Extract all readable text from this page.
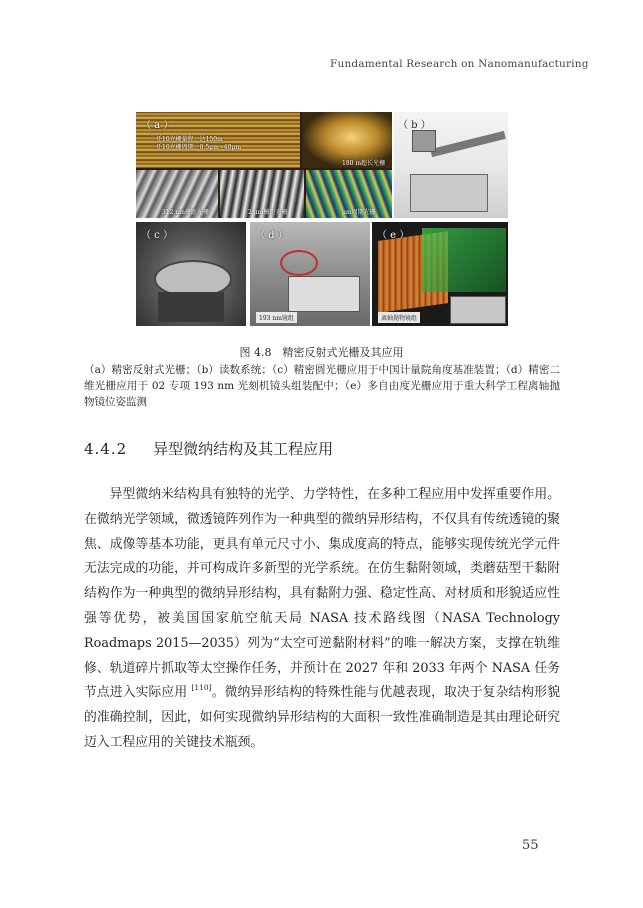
Fundamental Research on Nanomanufacturing
（ a ）
任10光栅量程：达150m
任10光栅周期：0.5μm~40μm
180 m超长光栅
312 nm栅距光栅	2 μm栅距光栅	μm周期光栅
（ b ）
（ c ）	（ d ）
193 nm镜组
（ e ）
离轴抛物镜组
图 4.8　精密反射式光栅及其应用
（a）精密反射式光栅；（b）读数系统；（c）精密圆光栅应用于中国计量院角度基准装置；（d）精密二维光栅应用于 02 专项 193 nm 光刻机镜头组装配中；（e）多自由度光栅应用于重大科学工程离轴抛物镜位姿监测
4.4.2 异型微纳结构及其工程应用

异型微纳米结构具有独特的光学、力学特性，在多种工程应用中发挥重要作用。在微纳光学领域，微透镜阵列作为一种典型的微纳异形结构，不仅具有传统透镜的聚焦、成像等基本功能，更具有单元尺寸小、集成度高的特点，能够实现传统光学元件无法完成的功能，并可构成许多新型的光学系统。在仿生黏附领域，类蘑菇型干黏附结构作为一种典型的微纳异形结构，具有黏附力强、稳定性高、对材质和形貌适应性强等优势，被美国国家航空航天局 NASA 技术路线图（NASA Technology Roadmaps 2015—2035）列为“太空可逆黏附材料”的唯一解决方案，支撑在轨维修、轨道碎片抓取等太空操作任务，并预计在 2027 年和 2033 年两个 NASA 任务节点进入实际应用 [110]。微纳异形结构的特殊性能与优越表现，取决于复杂结构形貌的准确控制，因此，如何实现微纳异形结构的大面积一致性准确制造是其由理论研究迈入工程应用的关键技术瓶颈。

55
